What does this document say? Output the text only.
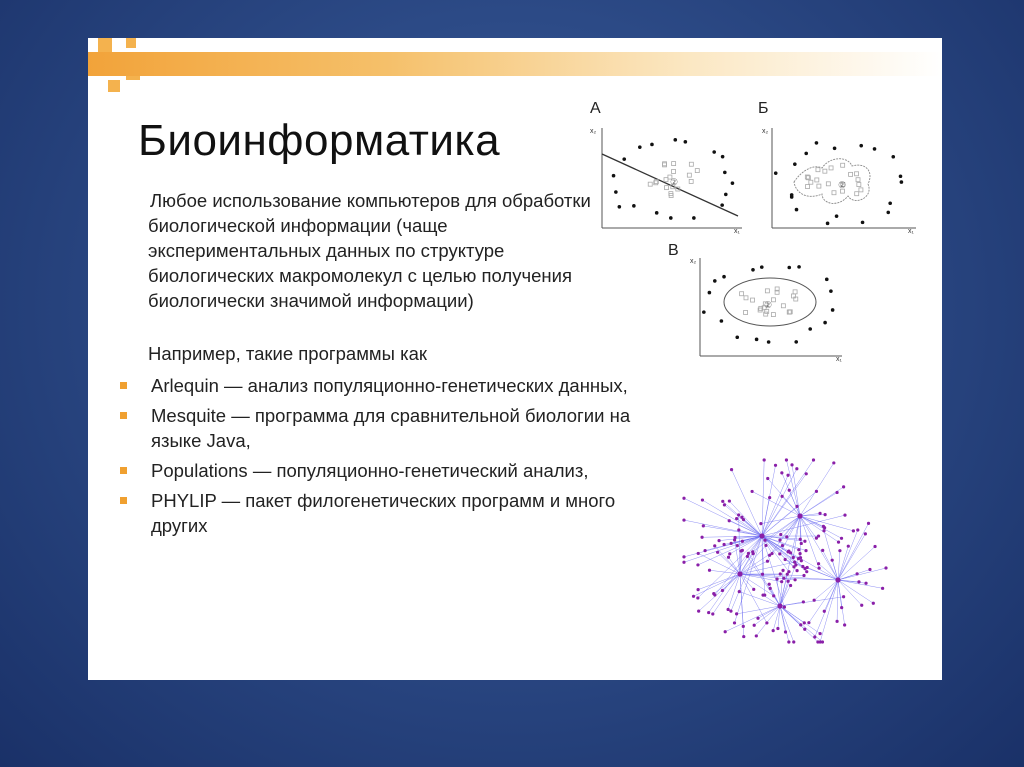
Биоинформатика

Любое использование компьютеров для обработки биологической информации (чаще экспериментальных данных по структуре биологических макромолекул с целью получения биологически значимой информации)

Например, такие программы как
Arlequin — анализ популяционно-генетических данных,
Mesquite — программа для сравнительной биологии на языке Java,
Populations — популяционно-генетический анализ,
PHYLIP — пакет филогенетических программ и много других
А
x₂
x₁
②
Б
x₂
x₁
②
В
x₂
x₁
②
